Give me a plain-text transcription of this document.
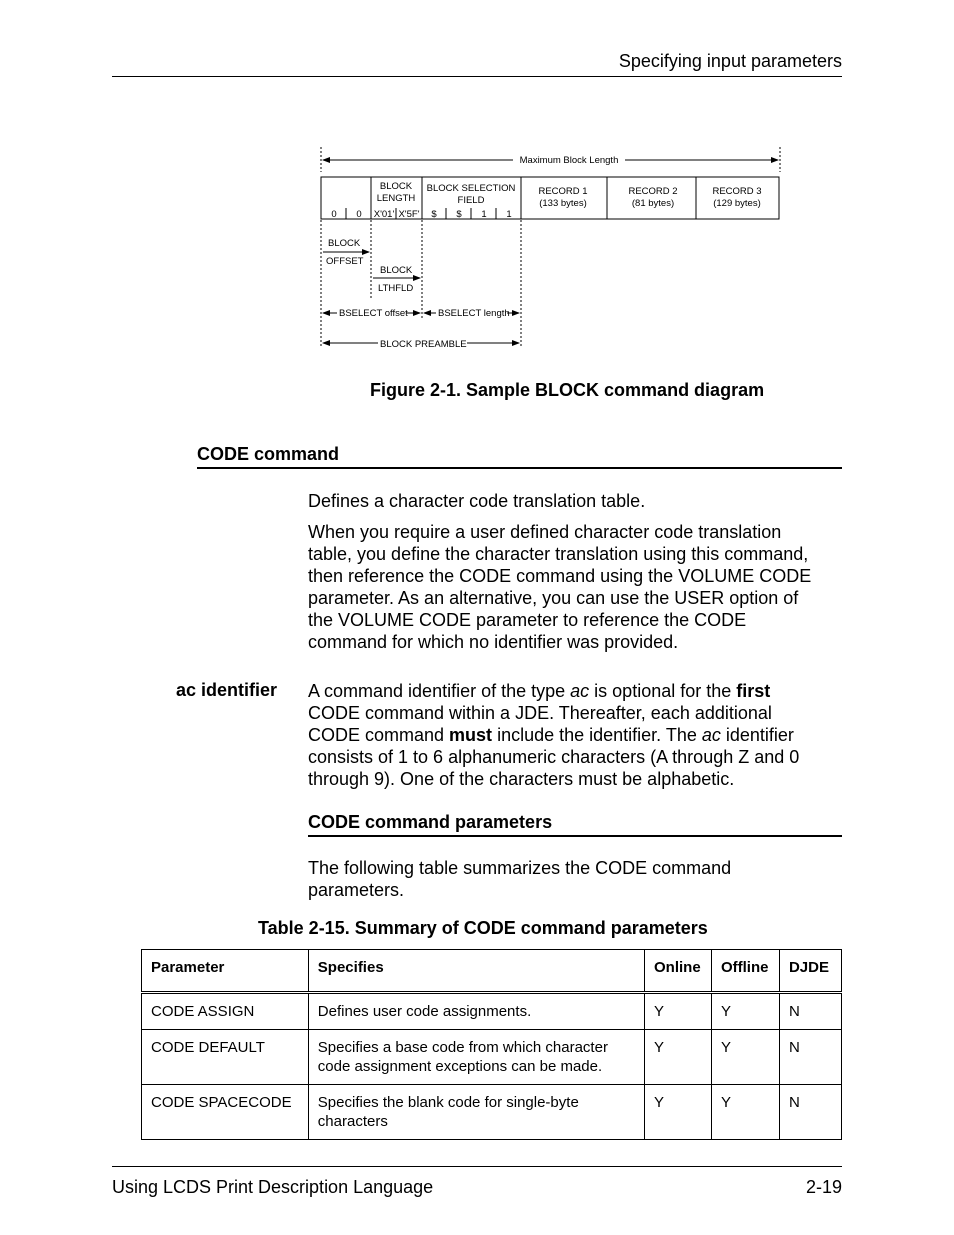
Specifying input parameters
Maximum Block Length
BLOCK
LENGTH
BLOCK SELECTION
FIELD
RECORD 1
(133 bytes)
RECORD 2
(81 bytes)
RECORD 3
(129 bytes)
0 0 X'01' X'5F' $ $ 1 1
BLOCK
OFFSET
BLOCK
LTHFLD
BSELECT offset	BSELECT length
BLOCK PREAMBLE
Figure 2-1. Sample BLOCK command diagram
CODE command

Defines a character code translation table.

When you require a user defined character code translation

table, you define the character translation using this command,

then reference the CODE command using the VOLUME CODE

parameter. As an alternative, you can use the USER option of

the VOLUME CODE parameter to reference the CODE

command for which no identifier was provided.

ac identifier A command identifier of the type ac is optional for the first

CODE command within a JDE. Thereafter, each additional

CODE command must include the identifier. The ac identifier

consists of 1 to 6 alphanumeric characters (A through Z and 0

through 9). One of the characters must be alphabetic.

CODE command parameters

The following table summarizes the CODE command

parameters.

Table 2-15. Summary of CODE command parameters
Parameter	Specifies	Online	Offline	DJDE
CODE ASSIGN	Defines user code assignments.	Y	Y	N
CODE DEFAULT	Specifies a base code from which character code assignment exceptions can be made.	Y	Y	N
CODE SPACECODE	Specifies the blank code for single-byte characters	Y	Y	N
Using LCDS Print Description Language	2-19
